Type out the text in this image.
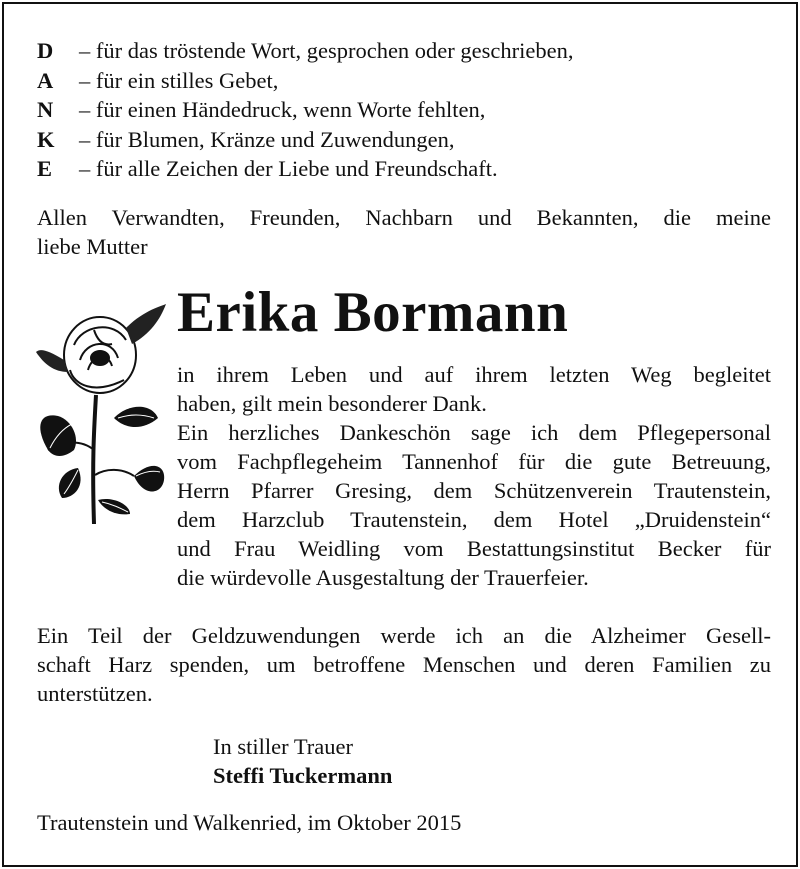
D	– für das tröstende Wort, gesprochen oder geschrieben,
A	– für ein stilles Gebet,
N	– für einen Händedruck, wenn Worte fehlten,
K	– für Blumen, Kränze und Zuwendungen,
E	– für alle Zeichen der Liebe und Freundschaft.
Allen Verwandten, Freunden, Nachbarn und Bekannten, die meine
liebe Mutter
Erika Bormann
in ihrem Leben und auf ihrem letzten Weg begleitet
haben, gilt mein besonderer Dank.
Ein herzliches Dankeschön sage ich dem Pflegepersonal
vom Fachpflegeheim Tannenhof für die gute Betreuung,
Herrn Pfarrer Gresing, dem Schützenverein Trautenstein,
dem Harzclub Trautenstein, dem Hotel „Druidenstein“
und Frau Weidling vom Bestattungsinstitut Becker für
die würdevolle Ausgestaltung der Trauerfeier.
Ein Teil der Geldzuwendungen werde ich an die Alzheimer Gesell-
schaft Harz spenden, um betroffene Menschen und deren Familien zu
unterstützen.
In stiller Trauer
Steffi Tuckermann
Trautenstein und Walkenried, im Oktober 2015
